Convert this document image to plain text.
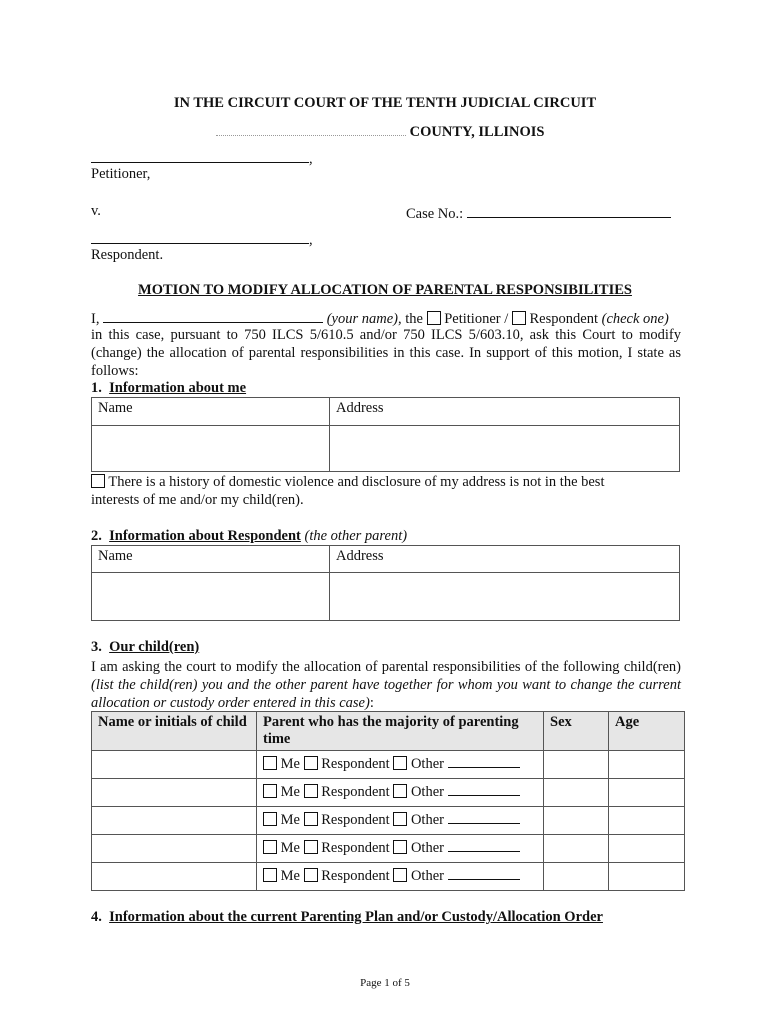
IN THE CIRCUIT COURT OF THE TENTH JUDICIAL CIRCUIT
COUNTY, ILLINOIS
,
Petitioner,
v.	Case No.:
,
Respondent.
MOTION TO MODIFY ALLOCATION OF PARENTAL RESPONSIBILITIES
I,	(your name), the Petitioner / Respondent (check one)
in this case, pursuant to 750 ILCS 5/610.5 and/or 750 ILCS 5/603.10, ask this Court to modify (change) the allocation of parental responsibilities in this case. In support of this motion, I state as follows:
1. Information about me
Name	Address

There is a history of domestic violence and disclosure of my address is not in the best
interests of me and/or my child(ren).
2. Information about Respondent (the other parent)
Name	Address

3. Our child(ren)
I am asking the court to modify the allocation of parental responsibilities of the following child(ren) (list the child(ren) you and the other parent have together for whom you want to change the current allocation or custody order entered in this case):
Name or initials of child	Parent who has the majority of parenting time	Sex	Age
	Me Respondent Other		
	Me Respondent Other		
	Me Respondent Other		
	Me Respondent Other		
	Me Respondent Other		
4. Information about the current Parenting Plan and/or Custody/Allocation Order
Page 1 of 5
